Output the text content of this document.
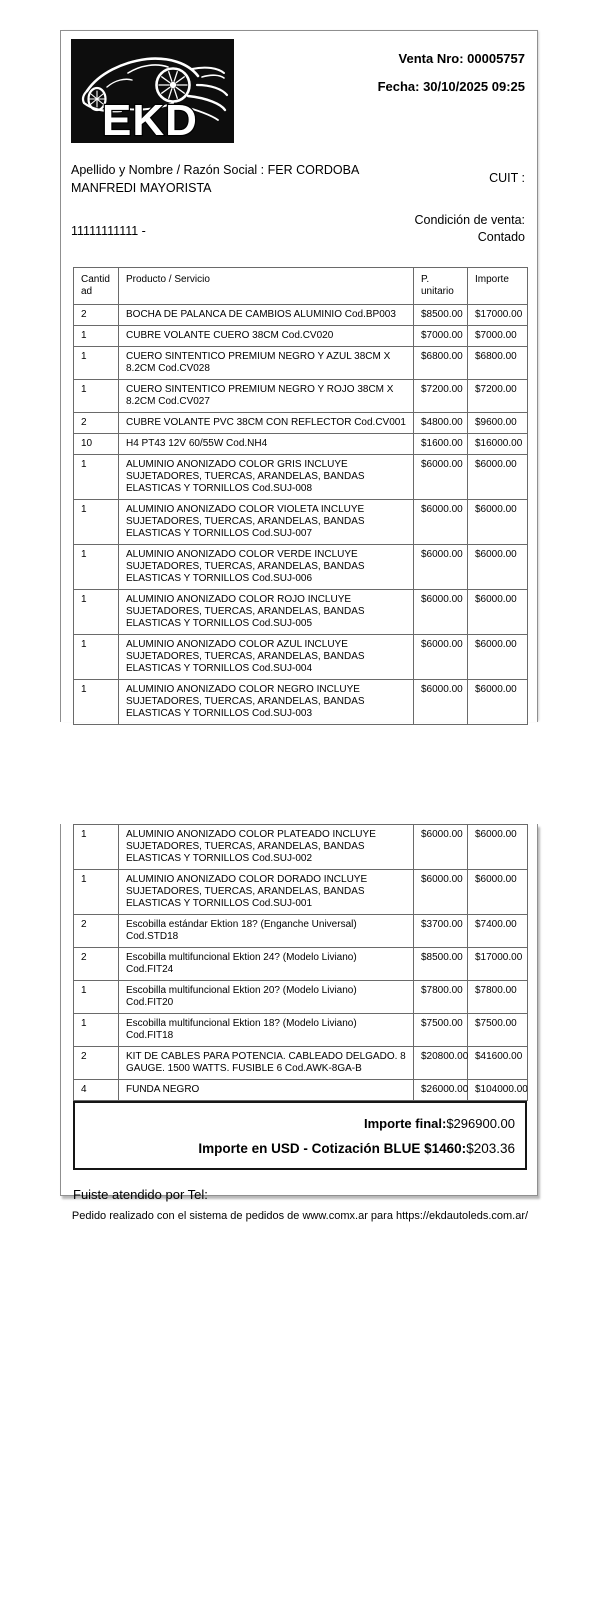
EKD
Venta Nro: 00005757
Fecha: 30/10/2025 09:25
Apellido y Nombre / Razón Social : FER CORDOBA MANFREDI MAYORISTA
CUIT :
11111111111 -
Condición de venta:
Contado
Cantidad	Producto / Servicio	P. unitario	Importe
2	BOCHA DE PALANCA DE CAMBIOS ALUMINIO Cod.BP003	$8500.00	$17000.00
1	CUBRE VOLANTE CUERO 38CM Cod.CV020	$7000.00	$7000.00
1	CUERO SINTENTICO PREMIUM NEGRO Y AZUL 38CM X 8.2CM Cod.CV028	$6800.00	$6800.00
1	CUERO SINTENTICO PREMIUM NEGRO Y ROJO 38CM X 8.2CM Cod.CV027	$7200.00	$7200.00
2	CUBRE VOLANTE PVC 38CM CON REFLECTOR Cod.CV001	$4800.00	$9600.00
10	H4 PT43 12V 60/55W Cod.NH4	$1600.00	$16000.00
1	ALUMINIO ANONIZADO COLOR GRIS INCLUYE SUJETADORES, TUERCAS, ARANDELAS, BANDAS ELASTICAS Y TORNILLOS Cod.SUJ-008	$6000.00	$6000.00
1	ALUMINIO ANONIZADO COLOR VIOLETA INCLUYE SUJETADORES, TUERCAS, ARANDELAS, BANDAS ELASTICAS Y TORNILLOS Cod.SUJ-007	$6000.00	$6000.00
1	ALUMINIO ANONIZADO COLOR VERDE INCLUYE SUJETADORES, TUERCAS, ARANDELAS, BANDAS ELASTICAS Y TORNILLOS Cod.SUJ-006	$6000.00	$6000.00
1	ALUMINIO ANONIZADO COLOR ROJO INCLUYE SUJETADORES, TUERCAS, ARANDELAS, BANDAS ELASTICAS Y TORNILLOS Cod.SUJ-005	$6000.00	$6000.00
1	ALUMINIO ANONIZADO COLOR AZUL INCLUYE SUJETADORES, TUERCAS, ARANDELAS, BANDAS ELASTICAS Y TORNILLOS Cod.SUJ-004	$6000.00	$6000.00
1	ALUMINIO ANONIZADO COLOR NEGRO INCLUYE SUJETADORES, TUERCAS, ARANDELAS, BANDAS ELASTICAS Y TORNILLOS Cod.SUJ-003	$6000.00	$6000.00
1	ALUMINIO ANONIZADO COLOR PLATEADO INCLUYE SUJETADORES, TUERCAS, ARANDELAS, BANDAS ELASTICAS Y TORNILLOS Cod.SUJ-002	$6000.00	$6000.00
1	ALUMINIO ANONIZADO COLOR DORADO INCLUYE SUJETADORES, TUERCAS, ARANDELAS, BANDAS ELASTICAS Y TORNILLOS Cod.SUJ-001	$6000.00	$6000.00
2	Escobilla estándar Ektion 18? (Enganche Universal) Cod.STD18	$3700.00	$7400.00
2	Escobilla multifuncional Ektion 24? (Modelo Liviano) Cod.FIT24	$8500.00	$17000.00
1	Escobilla multifuncional Ektion 20? (Modelo Liviano) Cod.FIT20	$7800.00	$7800.00
1	Escobilla multifuncional Ektion 18? (Modelo Liviano) Cod.FIT18	$7500.00	$7500.00
2	KIT DE CABLES PARA POTENCIA. CABLEADO DELGADO. 8 GAUGE. 1500 WATTS. FUSIBLE 6 Cod.AWK-8GA-B	$20800.00	$41600.00
4	FUNDA NEGRO	$26000.00	$104000.00
Importe final:$296900.00
Importe en USD - Cotización BLUE $1460:$203.36
Fuiste atendido por Tel:
Pedido realizado con el sistema de pedidos de www.comx.ar para https://ekdautoleds.com.ar/
